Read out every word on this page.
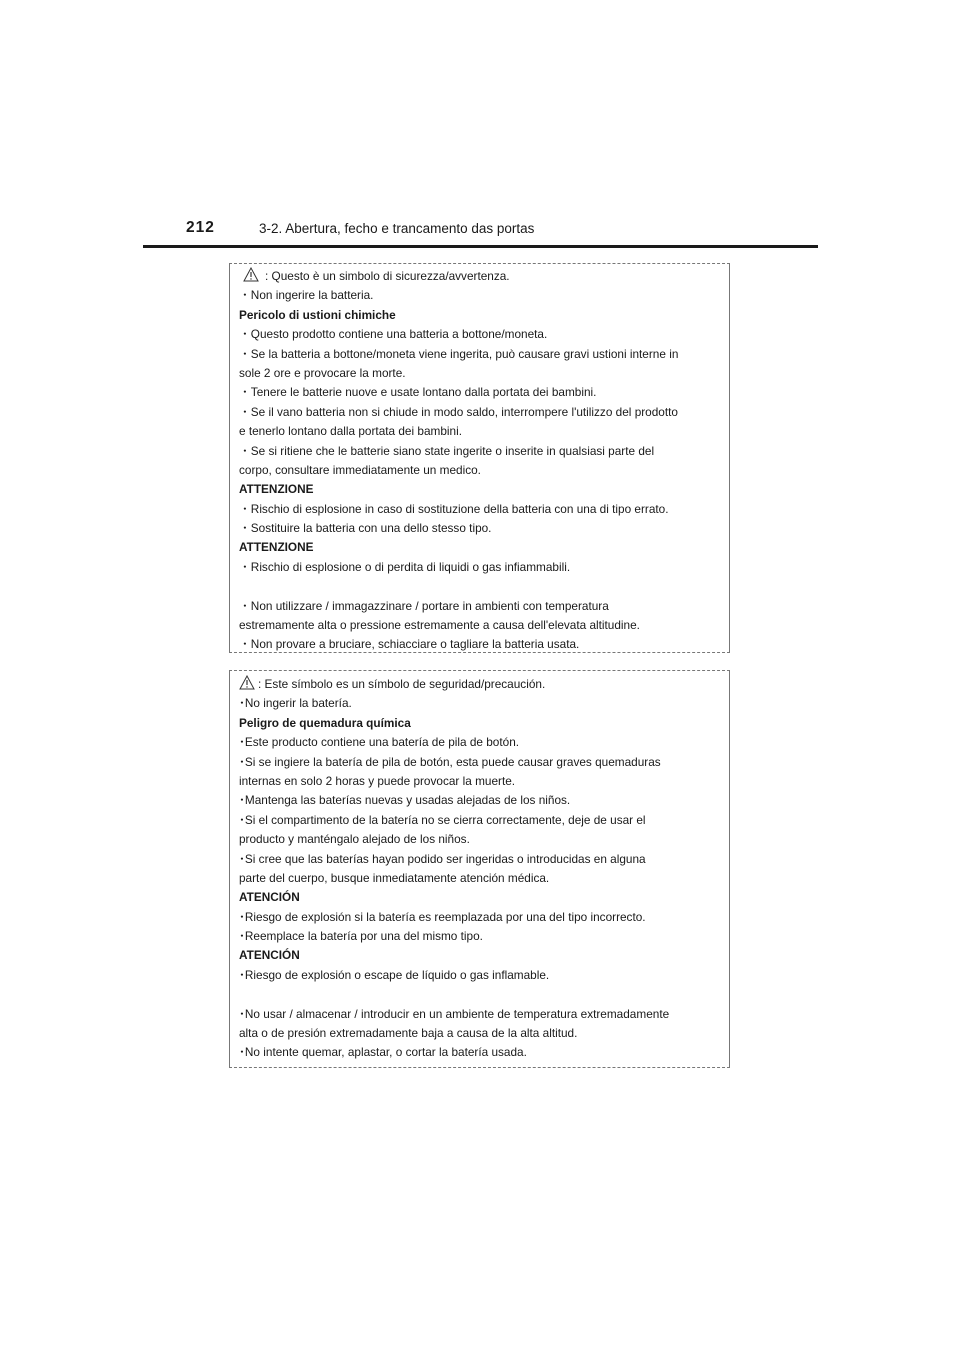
212	3-2. Abertura, fecho e trancamento das portas
: Questo è un simbolo di sicurezza/avvertenza.
・Non ingerire la batteria.
Pericolo di ustioni chimiche
・Questo prodotto contiene una batteria a bottone/moneta.
・Se la batteria a bottone/moneta viene ingerita, può causare gravi ustioni interne in
sole 2 ore e provocare la morte.
・Tenere le batterie nuove e usate lontano dalla portata dei bambini.
・Se il vano batteria non si chiude in modo saldo, interrompere l'utilizzo del prodotto
e tenerlo lontano dalla portata dei bambini.
・Se si ritiene che le batterie siano state ingerite o inserite in qualsiasi parte del
corpo, consultare immediatamente un medico.
ATTENZIONE
・Rischio di esplosione in caso di sostituzione della batteria con una di tipo errato.
・Sostituire la batteria con una dello stesso tipo.
ATTENZIONE
・Rischio di esplosione o di perdita di liquidi o gas infiammabili.
・Non utilizzare / immagazzinare / portare in ambienti con temperatura
estremamente alta o pressione estremamente a causa dell'elevata altitudine.
・Non provare a bruciare, schiacciare o tagliare la batteria usata.
: Este símbolo es un símbolo de seguridad/precaución.
･No ingerir la batería.
Peligro de quemadura química
･Este producto contiene una batería de pila de botón.
･Si se ingiere la batería de pila de botón, esta puede causar graves quemaduras
internas en solo 2 horas y puede provocar la muerte.
･Mantenga las baterías nuevas y usadas alejadas de los niños.
･Si el compartimento de la batería no se cierra correctamente, deje de usar el
producto y manténgalo alejado de los niños.
･Si cree que las baterías hayan podido ser ingeridas o introducidas en alguna
parte del cuerpo, busque inmediatamente atención médica.
ATENCIÓN
･Riesgo de explosión si la batería es reemplazada por una del tipo incorrecto.
･Reemplace la batería por una del mismo tipo.
ATENCIÓN
･Riesgo de explosión o escape de líquido o gas inflamable.
･No usar / almacenar / introducir en un ambiente de temperatura extremadamente
alta o de presión extremadamente baja a causa de la alta altitud.
･No intente quemar, aplastar, o cortar la batería usada.
